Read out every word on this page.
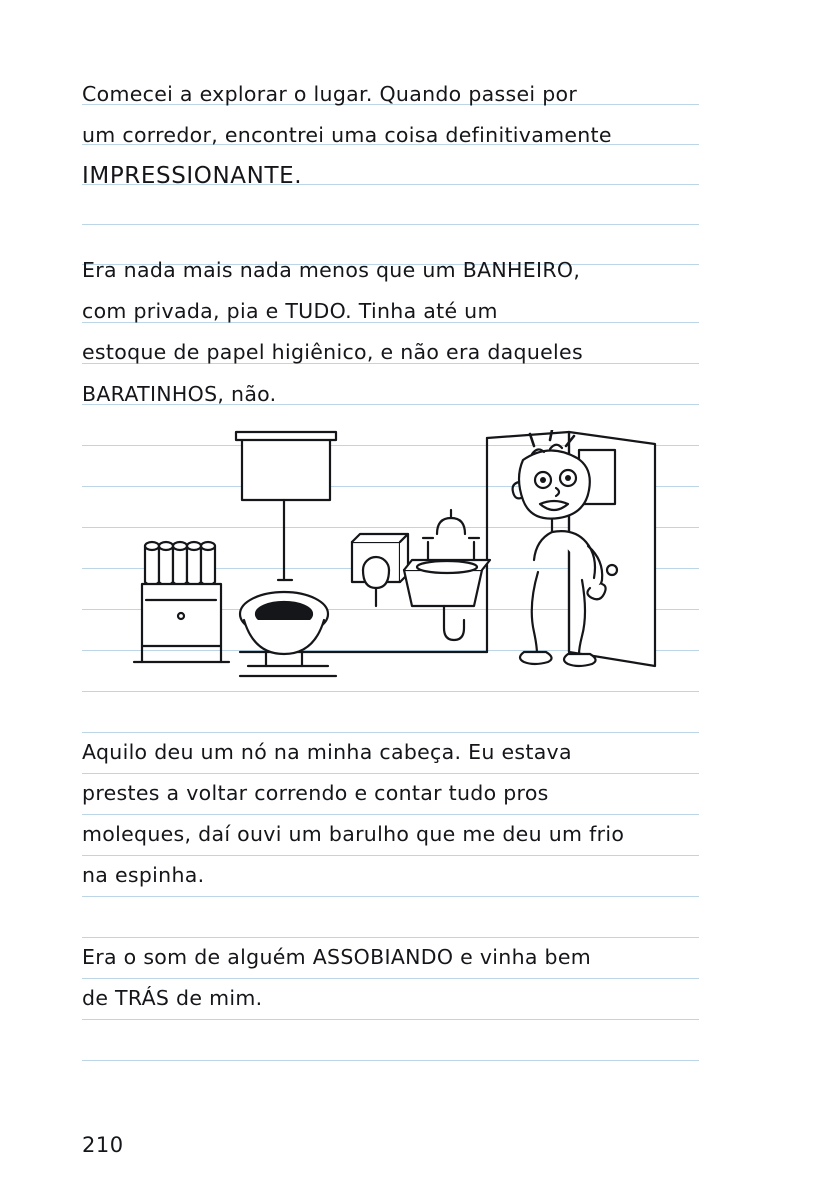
Comecei a explorar o lugar. Quando passei por
um corredor, encontrei uma coisa definitivamente
IMPRESSIONANTE.
Era nada mais nada menos que um BANHEIRO,
com privada, pia e TUDO. Tinha até um
estoque de papel higiênico, e não era daqueles
BARATINHOS, não.
Aquilo deu um nó na minha cabeça. Eu estava
prestes a voltar correndo e contar tudo pros
moleques, daí ouvi um barulho que me deu um frio
na espinha.
Era o som de alguém ASSOBIANDO e vinha bem
de TRÁS de mim.
210
